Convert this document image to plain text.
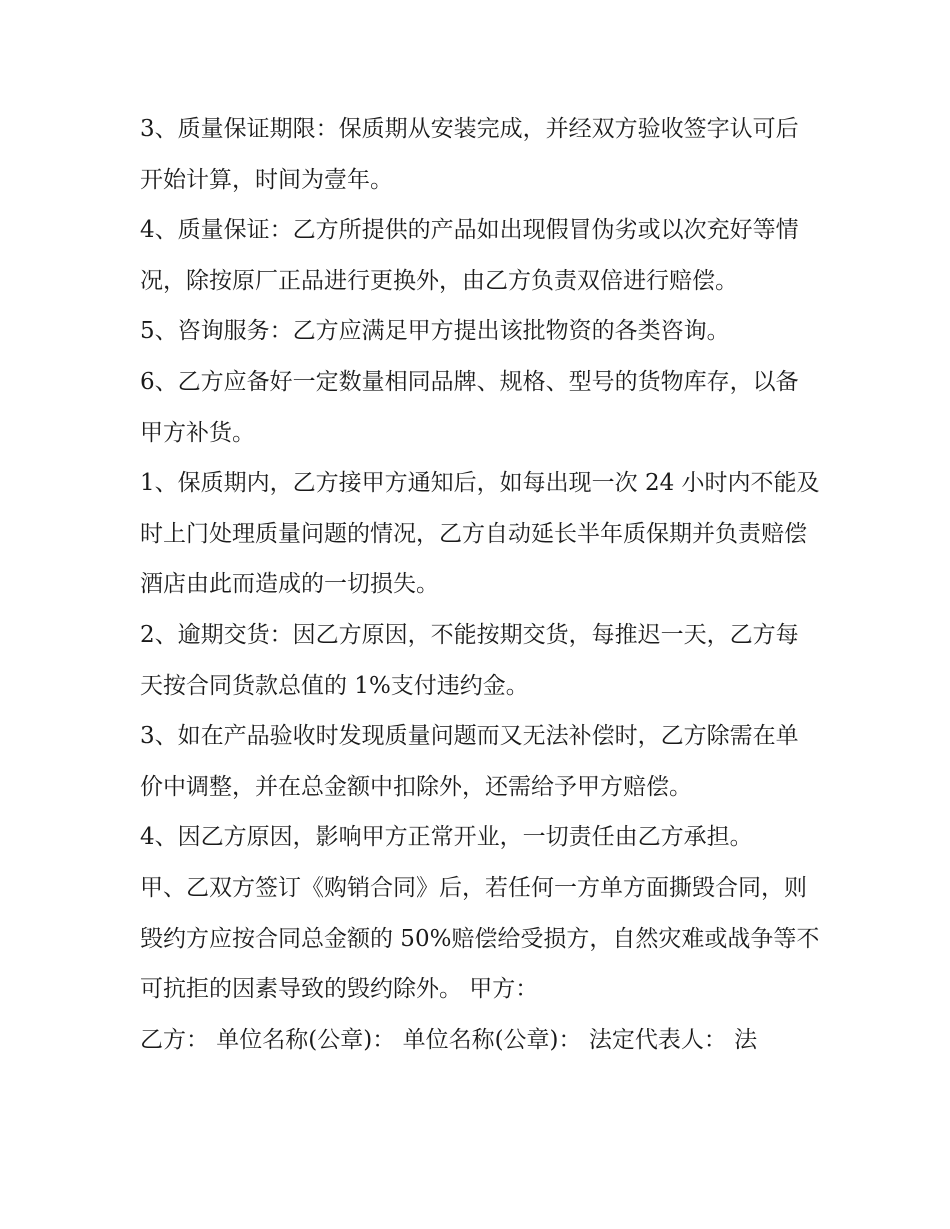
3、质量保证期限：保质期从安装完成，并经双方验收签字认可后开始计算，时间为壹年。

4、质量保证：乙方所提供的产品如出现假冒伪劣或以次充好等情况，除按原厂正品进行更换外，由乙方负责双倍进行赔偿。

5、咨询服务：乙方应满足甲方提出该批物资的各类咨询。

6、乙方应备好一定数量相同品牌、规格、型号的货物库存，以备甲方补货。

1、保质期内，乙方接甲方通知后，如每出现一次 24 小时内不能及时上门处理质量问题的情况，乙方自动延长半年质保期并负责赔偿酒店由此而造成的一切损失。

2、逾期交货：因乙方原因，不能按期交货，每推迟一天，乙方每天按合同货款总值的 1%支付违约金。

3、如在产品验收时发现质量问题而又无法补偿时，乙方除需在单价中调整，并在总金额中扣除外，还需给予甲方赔偿。

4、因乙方原因，影响甲方正常开业，一切责任由乙方承担。

甲、乙双方签订《购销合同》后，若任何一方单方面撕毁合同，则毁约方应按合同总金额的 50%赔偿给受损方，自然灾难或战争等不可抗拒的因素导致的毁约除外。 甲方：

乙方： 单位名称(公章)： 单位名称(公章)： 法定代表人： 法
